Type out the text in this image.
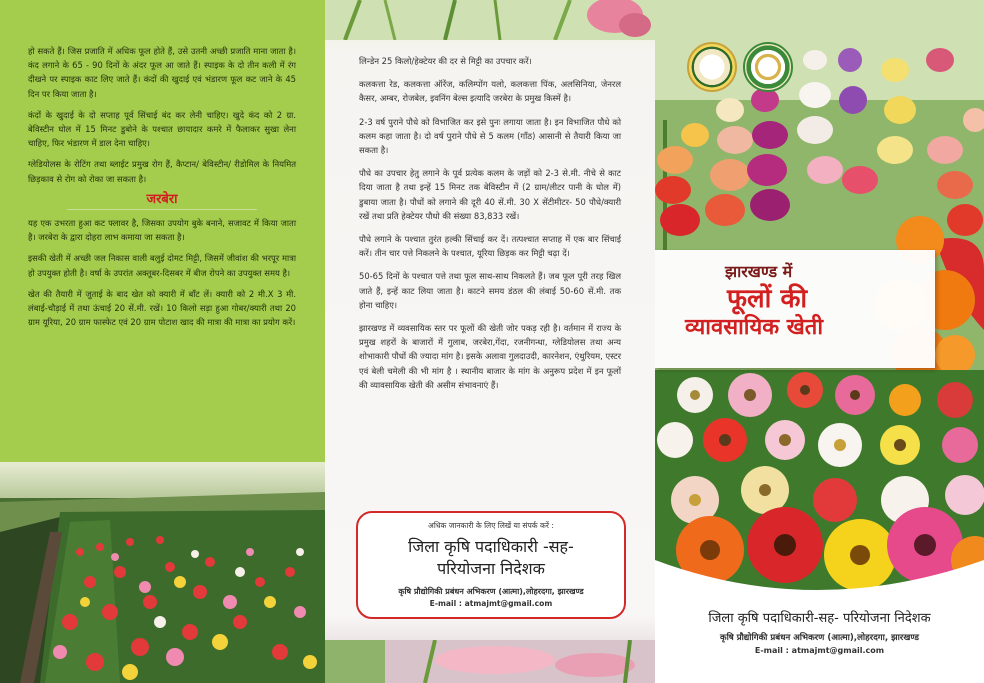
हो सकते हैं। जिस प्रजाति में अधिक फूल होते हैं, उसे उतनी अच्छी प्रजाति माना जाता है। कंद लगाने के 65 - 90 दिनों के अंदर फूल आ जाते हैं। स्पाइक के दो तीन कली में रंग दीखने पर स्पाइक काट लिए जाते हैं। कंदों की खुदाई एवं भंडारण फूल कट जाने के 45 दिन पर किया जाता है।

कंदों के खुदाई के दो सप्ताह पूर्व सिंचाई बंद कर लेनी चाहिए। खुदे कंद को 2 ग्रा. बेविस्टीन घोल में 15 मिनट डुबोने के पश्चात छायादार कमरे में फैलाकर सुखा लेना चाहिए, फिर भंडारण में डाल देना चाहिए।

ग्लेडियोलस के रोटिंग तथा ब्लाईट प्रमुख रोग हैं, कैप्टान/ बेविस्टीन/ रीडोमिल के नियमित छिड़काव से रोग को रोका जा सकता है।

जरबेरा

यह एक उभरता हुआ कट फ्लावर है, जिसका उपयोग बुके बनाने, सजावट में किया जाता है। जरबेरा के द्वारा दोहरा लाभ कमाया जा सकता है।

इसकी खेती में अच्छी जल निकास वाली बलुई दोमट मिट्टी, जिसमें जीवांश की भरपूर मात्रा हो उपयुक्त होती है। वर्षा के उपरांत अक्तूबर-दिसबर में बीज रोपने का उपयुक्त समय है।

खेत की तैयारी में जुताई के बाद खेत को क्यारी में बाँट लें। क्यारी को 2 मी.X 3 मी. लंबाई-चौड़ाई में तथा ऊंचाई 20 सें.मी. रखें। 10 किलो सड़ा हुआ गोबर/क्यारी तथा 20 ग्राम यूरिया, 20 ग्राम फास्फेट एवं 20 ग्राम पोटाश खाद की मात्रा की मात्रा का प्रयोग करें।

लिन्डेन 25 किलो/हेक्टेयर की दर से मिट्टी का उपचार करें।

कलकत्ता रेड, कलकत्ता ऑरेंज, कलिम्पोंग यलो, कलकत्ता पिंक, अलसिनिया, जेनरल कैसर, अम्बर, रोजबेल, इवनिंग बेल्स इत्यादि जरबेरा के प्रमुख किस्में है।

2-3 वर्ष पुराने पौधे को विभाजित कर इसे पुनः लगाया जाता है। इन विभाजित पौधे को कलम कहा जाता है। दो वर्ष पुराने पौधे से 5 कलम (गाँठ) आसानी से तैयारी किया जा सकता है।

पौधे का उपचार हेतु लगाने के पूर्व प्रत्येक कलम के जड़ों को 2-3 से.मी. नीचे से काट दिया जाता है तथा इन्हें 15 मिनट तक बेविस्टीन में (2 ग्राम/लीटर पानी के घोल में) डुबाया जाता है। पौधों को लगाने की दूरी 40 सें.मी. 30 X सेंटीमीटर- 50 पौधे/क्यारी रखें तथा प्रति हेक्टेयर पौधो की संख्या 83,833 रखें।

पौधे लगाने के पश्चात तुरंत हल्की सिंचाई कर दें। तत्पश्चात सप्ताह में एक बार सिंचाई करें। तीन चार पत्ते निकलने के पश्चात, यूरिया छिड़क कर मिट्टी चढ़ा दें।

50-65 दिनों के पश्चात पत्ते तथा फूल साथ-साथ निकलते हैं। जब फूल पूरी तरह खिल जाते हैं, इन्हें काट लिया जाता है। काटने समय डंठल की लंबाई 50-60 सें.मी. तक होना चाहिए।

झारखण्ड में व्यवसायिक स्तर पर फूलों की खेती जोर पकड़ रही है। वर्तमान में राज्य के प्रमुख शहरों के बाजारों में गुलाब, जरबेरा,गेंदा, रजनीगन्धा, ग्लेडियोलस तथा अन्य शोभाकारी पौधों की ज्यादा मांग है। इसके अलावा गुलदाउदी, कारनेशन, एंथुरियम, एस्टर एवं बेली चमेली की भी मांग है । स्थानीय बाजार के मांग के अनुरूप प्रदेश में इन फूलों की व्यावसायिक खेती की असीम संभावनाएं हैं।

अधिक जानकारी के लिए लिखें या संपर्क करें :
जिला कृषि पदाधिकारी -सह-
परियोजना निदेशक
कृषि प्रौद्योगिकी प्रबंधन अभिकरण (आत्मा),लोहरदगा, झारखण्ड
E-mail : atmajmt@gmail.com
झारखण्ड में
फूलों की
व्यावसायिक खेती
जिला कृषि पदाधिकारी-सह- परियोजना निदेशक
कृषि प्रौद्योगिकी प्रबंधन अभिकरण (आत्मा),लोहरदगा, झारखण्ड
E-mail : atmajmt@gmail.com
